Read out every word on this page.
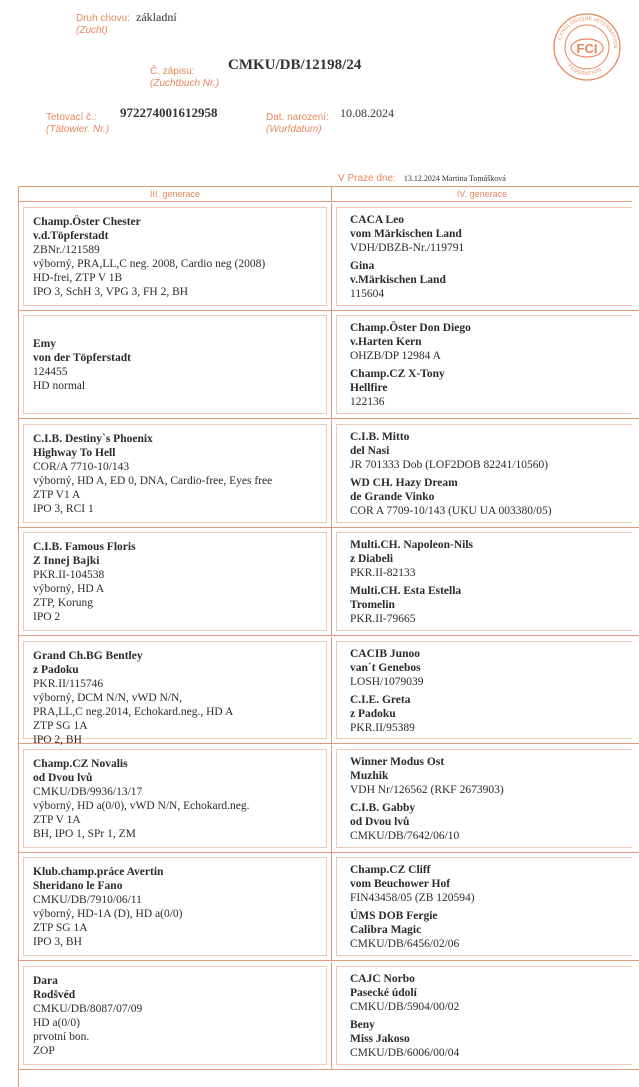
Druh chovu:
(Zucht)
základní
Č. zápisu:
(Zuchtbuch Nr.)
CMKU/DB/12198/24
Tetovací č.:
(Tätowier. Nr.)
972274001612958	Dat. narození:
(Wurfdatum)
10.08.2024
V Praze dne: 13.12.2024 Martina Tomášková
CYNOLOGIQUE INTERNATION
FEDERATION
FCI
III. generace	IV. generace
Champ.Öster Chester
v.d.Töpferstadt
ZBNr./121589
výborný, PRA,LL,C neg. 2008, Cardio neg (2008)
HD-frei, ZTP V 1B
IPO 3, SchH 3, VPG 3, FH 2, BH
CACA Leo
vom Märkischen Land
VDH/DBZB-Nr./119791
Gina
v.Märkischen Land
115604
Emy
von der Töpferstadt
124455
HD normal
Champ.Öster Don Diego
v.Harten Kern
OHZB/DP 12984 A
Champ.CZ X-Tony
Hellfire
122136
C.I.B. Destiny`s Phoenix
Highway To Hell
COR/A 7710-10/143
výborný, HD A, ED 0, DNA, Cardio-free, Eyes free
ZTP V1 A
IPO 3, RCI 1
C.I.B. Mitto
del Nasi
JR 701333 Dob (LOF2DOB 82241/10560)
WD CH. Hazy Dream
de Grande Vinko
COR A 7709-10/143 (UKU UA 003380/05)
C.I.B. Famous Floris
Z Innej Bajki
PKR.II-104538
výborný, HD A
ZTP, Korung
IPO 2
Multi.CH. Napoleon-Nils
z Diabeli
PKR.II-82133
Multi.CH. Esta Estella
Tromelin
PKR.II-79665
Grand Ch.BG Bentley
z Padoku
PKR.II/115746
výborný, DCM N/N, vWD N/N,
PRA,LL,C neg.2014, Echokard.neg., HD A
ZTP SG 1A
IPO 2, BH
CACIB Junoo
van´t Genebos
LOSH/1079039
C.I.E. Greta
z Padoku
PKR.II/95389
Champ.CZ Novalis
od Dvou lvů
CMKU/DB/9936/13/17
výborný, HD a(0/0), vWD N/N, Echokard.neg.
ZTP V 1A
BH, IPO 1, SPr 1, ZM
Winner Modus Ost
Muzhik
VDH Nr/126562 (RKF 2673903)
C.I.B. Gabby
od Dvou lvů
CMKU/DB/7642/06/10
Klub.champ.práce Avertin
Sheridano le Fano
CMKU/DB/7910/06/11
výborný, HD-1A (D), HD a(0/0)
ZTP SG 1A
IPO 3, BH
Champ.CZ Cliff
vom Beuchower Hof
FIN43458/05 (ZB 120594)
ÚMS DOB Fergie
Calibra Magic
CMKU/DB/6456/02/06
Dara
Rodšvéd
CMKU/DB/8087/07/09
HD a(0/0)
prvotní bon.
ZOP
CAJC Norbo
Pasecké údolí
CMKU/DB/5904/00/02
Beny
Miss Jakoso
CMKU/DB/6006/00/04
